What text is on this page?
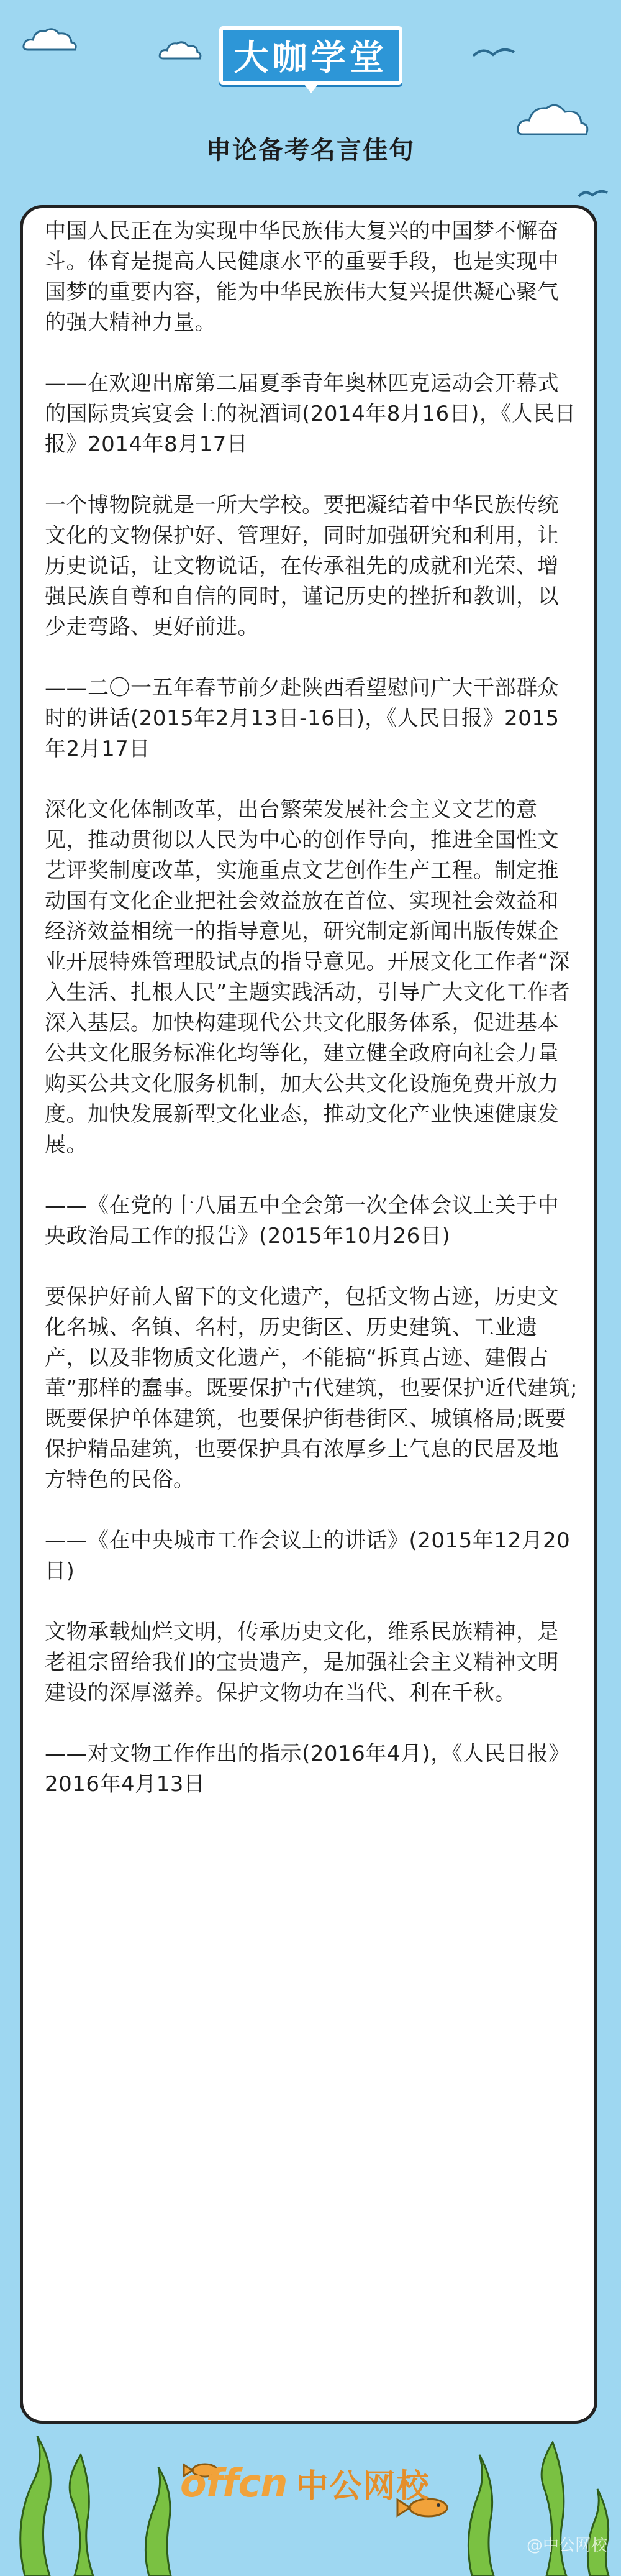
大咖学堂
申论备考名言佳句

中国人民正在为实现中华民族伟大复兴的中国梦不懈奋斗。体育是提高人民健康水平的重要手段，也是实现中国梦的重要内容，能为中华民族伟大复兴提供凝心聚气的强大精神力量。

——在欢迎出席第二届夏季青年奥林匹克运动会开幕式的国际贵宾宴会上的祝酒词(2014年8月16日)，《人民日报》2014年8月17日

一个博物院就是一所大学校。要把凝结着中华民族传统文化的文物保护好、管理好，同时加强研究和利用，让历史说话，让文物说话，在传承祖先的成就和光荣、增强民族自尊和自信的同时，谨记历史的挫折和教训，以少走弯路、更好前进。

——二〇一五年春节前夕赴陕西看望慰问广大干部群众时的讲话(2015年2月13日-16日)，《人民日报》2015年2月17日

深化文化体制改革，出台繁荣发展社会主义文艺的意见，推动贯彻以人民为中心的创作导向，推进全国性文艺评奖制度改革，实施重点文艺创作生产工程。制定推动国有文化企业把社会效益放在首位、实现社会效益和经济效益相统一的指导意见，研究制定新闻出版传媒企业开展特殊管理股试点的指导意见。开展文化工作者“深入生活、扎根人民”主题实践活动，引导广大文化工作者深入基层。加快构建现代公共文化服务体系，促进基本公共文化服务标准化均等化，建立健全政府向社会力量购买公共文化服务机制，加大公共文化设施免费开放力度。加快发展新型文化业态，推动文化产业快速健康发展。

——《在党的十八届五中全会第一次全体会议上关于中央政治局工作的报告》(2015年10月26日)

要保护好前人留下的文化遗产，包括文物古迹，历史文化名城、名镇、名村，历史街区、历史建筑、工业遗产，以及非物质文化遗产，不能搞“拆真古迹、建假古董”那样的蠢事。既要保护古代建筑，也要保护近代建筑;既要保护单体建筑，也要保护街巷街区、城镇格局;既要保护精品建筑，也要保护具有浓厚乡土气息的民居及地方特色的民俗。

——《在中央城市工作会议上的讲话》(2015年12月20日)

文物承载灿烂文明，传承历史文化，维系民族精神，是老祖宗留给我们的宝贵遗产，是加强社会主义精神文明建设的深厚滋养。保护文物功在当代、利在千秋。

——对文物工作作出的指示(2016年4月)，《人民日报》2016年4月13日

offcn 中公网校
@中公网校
